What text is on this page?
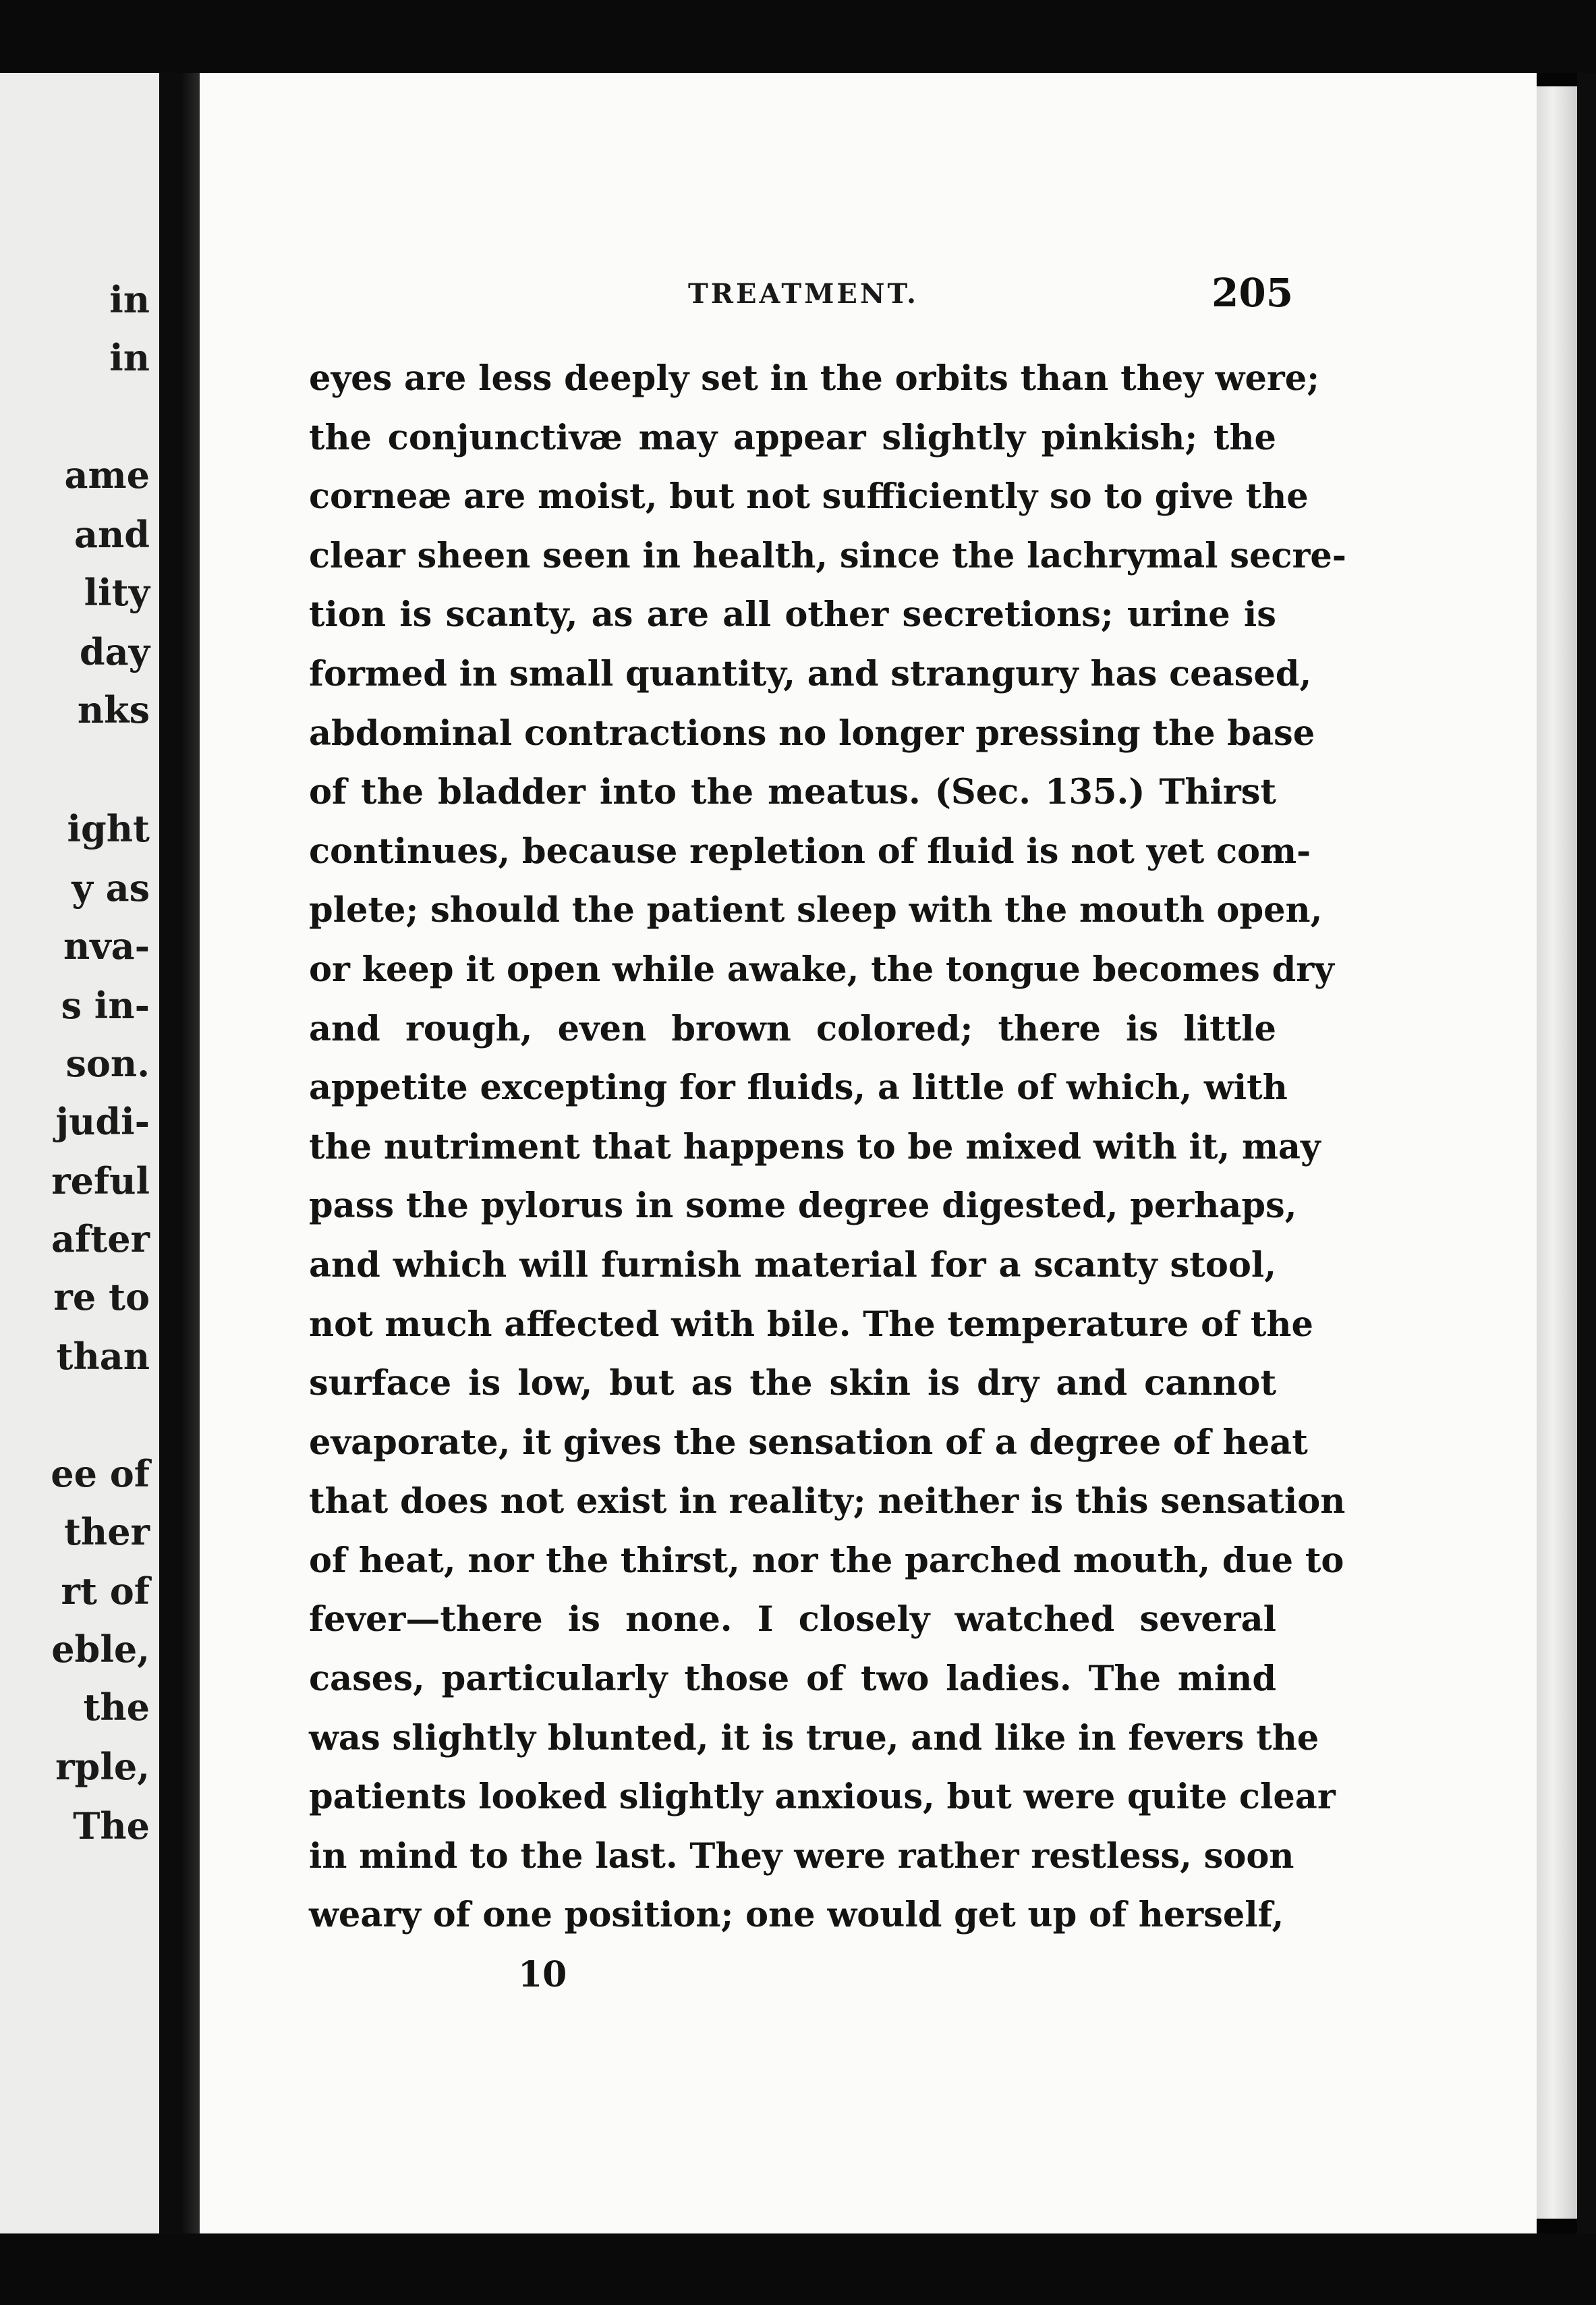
in
in
ame
and
lity
day
nks
ight
y as
nva-
s in-
son.
judi-
reful
after
re to
than
ee of
ther
rt of
eble,
the
rple,
The
TREATMENT.	205
eyes are less deeply set in the orbits than they were;
the conjunctivæ may appear slightly pinkish; the
corneæ are moist, but not sufficiently so to give the
clear sheen seen in health, since the lachrymal secre-
tion is scanty, as are all other secretions; urine is
formed in small quantity, and strangury has ceased,
abdominal contractions no longer pressing the base
of the bladder into the meatus. (Sec. 135.) Thirst
continues, because repletion of fluid is not yet com-
plete; should the patient sleep with the mouth open,
or keep it open while awake, the tongue becomes dry
and rough, even brown colored; there is little
appetite excepting for fluids, a little of which, with
the nutriment that happens to be mixed with it, may
pass the pylorus in some degree digested, perhaps,
and which will furnish material for a scanty stool,
not much affected with bile. The temperature of the
surface is low, but as the skin is dry and cannot
evaporate, it gives the sensation of a degree of heat
that does not exist in reality; neither is this sensation
of heat, nor the thirst, nor the parched mouth, due to
fever—there is none. I closely watched several
cases, particularly those of two ladies. The mind
was slightly blunted, it is true, and like in fevers the
patients looked slightly anxious, but were quite clear
in mind to the last. They were rather restless, soon
weary of one position; one would get up of herself,
10
